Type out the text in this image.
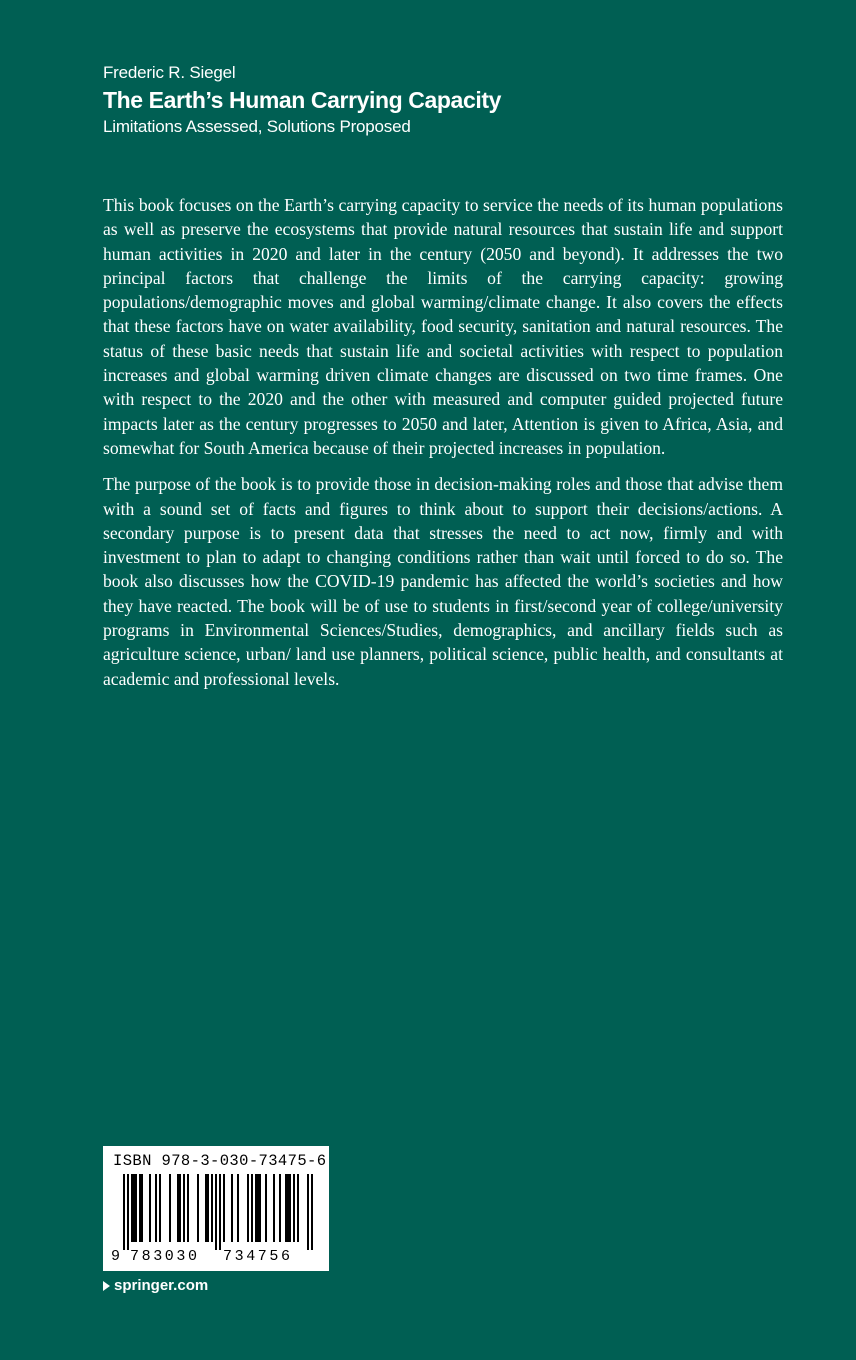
Frederic R. Siegel
The Earth’s Human Carrying Capacity
Limitations Assessed, Solutions Proposed

This book focuses on the Earth’s carrying capacity to service the needs of its human populations as well as preserve the ecosystems that provide natural resources that sustain life and support human activities in 2020 and later in the century (2050 and beyond). It addresses the two principal factors that challenge the limits of the carrying capacity: growing populations/demographic moves and global warming/climate change. It also covers the effects that these factors have on water availability, food security, sanitation and natural resources. The status of these basic needs that sustain life and societal activities with respect to population increases and global warming driven climate changes are discussed on two time frames. One with respect to the 2020 and the other with measured and computer guided projected future impacts later as the century progresses to 2050 and later, Attention is given to Africa, Asia, and somewhat for South America because of their projected increases in population.

The purpose of the book is to provide those in decision-making roles and those that advise them with a sound set of facts and figures to think about to support their decisions/actions. A secondary purpose is to present data that stresses the need to act now, firmly and with investment to plan to adapt to changing conditions rather than wait until forced to do so. The book also discusses how the COVID-19 pandemic has affected the world’s societies and how they have reacted. The book will be of use to students in first/second year of college/university programs in Environmental Sciences/Studies, demographics, and ancillary fields such as agriculture science, urban/ land use planners, political science, public health, and consultants at academic and professional levels.

ISBN 978-3-030-73475-6
9 783030 734756
springer.com
